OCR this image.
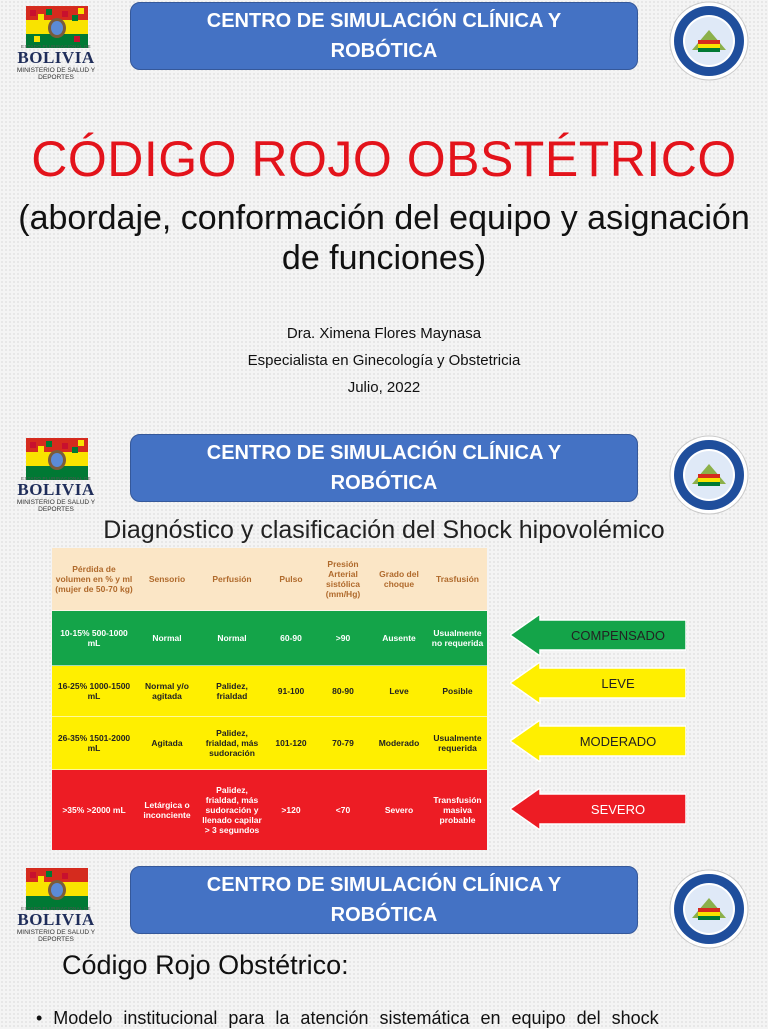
ESTADO PLURINACIONAL DE
BOLIVIA
MINISTERIO DE SALUD Y DEPORTES
CENTRO DE SIMULACIÓN CLÍNICA Y ROBÓTICA
CÓDIGO ROJO OBSTÉTRICO
(abordaje, conformación del equipo y asignación de funciones)
Dra. Ximena Flores Maynasa
Especialista en Ginecología y Obstetricia
Julio, 2022
ESTADO PLURINACIONAL DE
BOLIVIA
MINISTERIO DE SALUD Y DEPORTES
CENTRO DE SIMULACIÓN CLÍNICA Y ROBÓTICA
Diagnóstico y clasificación del Shock hipovolémico
Pérdida de volumen en % y ml (mujer de 50-70 kg)	Sensorio	Perfusión	Pulso	Presión Arterial sistólica (mm/Hg)	Grado del choque	Trasfusión
10-15% 500-1000 mL	Normal	Normal	60-90	>90	Ausente	Usualmente no requerida
16-25% 1000-1500 mL	Normal y/o agitada	Palidez, frialdad	91-100	80-90	Leve	Posible
26-35% 1501-2000 mL	Agitada	Palidez, frialdad, más sudoración	101-120	70-79	Moderado	Usualmente requerida
>35% >2000 mL	Letárgica o inconciente	Palidez, frialdad, más sudoración y llenado capilar > 3 segundos	>120	<70	Severo	Transfusión masiva probable
COMPENSADO
LEVE
MODERADO
SEVERO
ESTADO PLURINACIONAL DE
BOLIVIA
MINISTERIO DE SALUD Y DEPORTES
CENTRO DE SIMULACIÓN CLÍNICA Y ROBÓTICA
Código Rojo Obstétrico:
• Modelo institucional para la atención sistemática en equipo del shock
